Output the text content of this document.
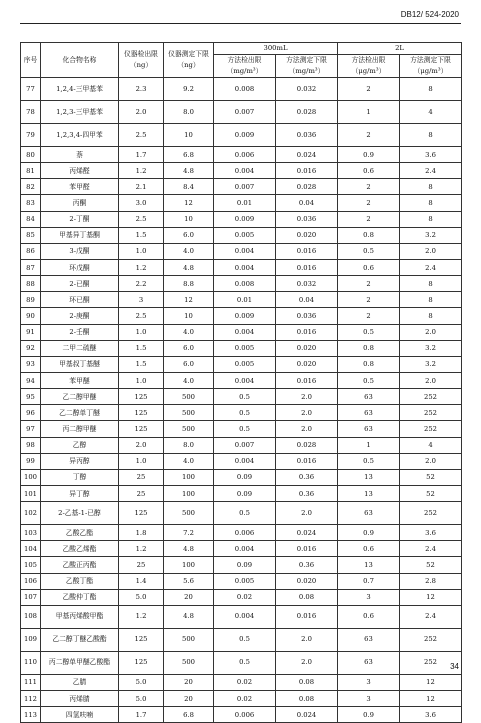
DB12/ 524-2020
序号	化合物名称	仪器检出限（ng）	仪器测定下限（ng）	300mL		2L	
				方法检出限（mg/m³）	方法测定下限（mg/m³）	方法检出限（μg/m³）	方法测定下限（μg/m³）
77	1,2,4-三甲基苯	2.3	9.2	0.008	0.032	2	8
78	1,2,3-三甲基苯	2.0	8.0	0.007	0.028	1	4
79	1,2,3,4-四甲苯	2.5	10	0.009	0.036	2	8
80	萘	1.7	6.8	0.006	0.024	0.9	3.6
81	丙烯醛	1.2	4.8	0.004	0.016	0.6	2.4
82	苯甲醛	2.1	8.4	0.007	0.028	2	8
83	丙酮	3.0	12	0.01	0.04	2	8
84	2-丁酮	2.5	10	0.009	0.036	2	8
85	甲基异丁基酮	1.5	6.0	0.005	0.020	0.8	3.2
86	3-戊酮	1.0	4.0	0.004	0.016	0.5	2.0
87	环戊酮	1.2	4.8	0.004	0.016	0.6	2.4
88	2-已酮	2.2	8.8	0.008	0.032	2	8
89	环已酮	3	12	0.01	0.04	2	8
90	2-庚酮	2.5	10	0.009	0.036	2	8
91	2-壬酮	1.0	4.0	0.004	0.016	0.5	2.0
92	二甲二硫醚	1.5	6.0	0.005	0.020	0.8	3.2
93	甲基叔丁基醚	1.5	6.0	0.005	0.020	0.8	3.2
94	苯甲醚	1.0	4.0	0.004	0.016	0.5	2.0
95	乙二醇甲醚	125	500	0.5	2.0	63	252
96	乙二醇单丁醚	125	500	0.5	2.0	63	252
97	丙二醇甲醚	125	500	0.5	2.0	63	252
98	乙醇	2.0	8.0	0.007	0.028	1	4
99	异丙醇	1.0	4.0	0.004	0.016	0.5	2.0
100	丁醇	25	100	0.09	0.36	13	52
101	异丁醇	25	100	0.09	0.36	13	52
102	2-乙基-1-已醇	125	500	0.5	2.0	63	252
103	乙酸乙酯	1.8	7.2	0.006	0.024	0.9	3.6
104	乙酸乙烯酯	1.2	4.8	0.004	0.016	0.6	2.4
105	乙酸正丙酯	25	100	0.09	0.36	13	52
106	乙酸丁酯	1.4	5.6	0.005	0.020	0.7	2.8
107	乙酸仲丁酯	5.0	20	0.02	0.08	3	12
108	甲基丙烯酸甲酯	1.2	4.8	0.004	0.016	0.6	2.4
109	乙二醇丁醚乙酸酯	125	500	0.5	2.0	63	252
110	丙二醇单甲醚乙酸酯	125	500	0.5	2.0	63	252
111	乙腈	5.0	20	0.02	0.08	3	12
112	丙烯腈	5.0	20	0.02	0.08	3	12
113	四氢呋喃	1.7	6.8	0.006	0.024	0.9	3.6
34
